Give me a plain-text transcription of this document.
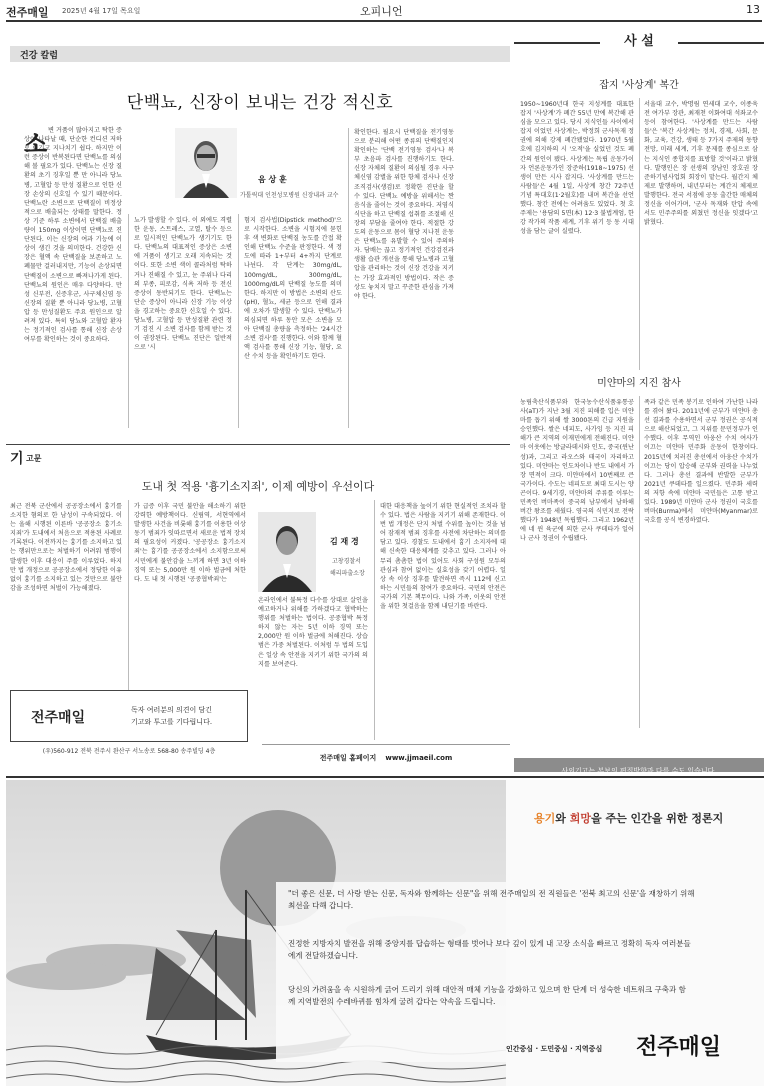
전주매일 2025년 4월 17일 목요일	오피니언	13
건강 칼럼
단백뇨, 신장이 보내는 건강 적신호
음 상 훈
가톨릭대 인천성모병원 신장내과 교수
소 변 거품이 많아지고 탁한 증상이 나타날 때, 단순한 컨디션 저하로 여기고 지나치기 쉽다. 하지만 이런 증상이 반복된다면 단백뇨를 의심해 볼 필요가 있다. 단백뇨는 신장 질환의 초기 징후일 뿐 만 아니라 당뇨병, 고혈압 등 만성 질환으로 인한 신장 손상의 신호일 수 있기 때문이다. 단백뇨란 소변으로 단백질이 비정상적으로 배출되는 상태를 말한다. 정상 기준 하루 소변에서 단백질 배출량이 150mg 이상이면 단백뇨로 진단된다. 이는 신장의 여과 기능에 이상이 생긴 것을 의미한다. 건강한 신장은 혈액 속 단백질을 보존하고 노폐물만 걸러내지만, 기능이 손상되면 단백질이 소변으로 빠져나가게 된다. 단백뇨의 원인은 매우 다양하다. 만성 신부전, 신증후군, 사구체신염 등 신장의 질환 뿐 아니라 당뇨병, 고혈압 등 만성질환도 주요 원인으로 알려져 있다. 특히 당뇨와 고혈압 환자는 정기적인 검사를 통해 신장 손상 여부를 확인하는 것이 중요하다.
뇨가 발생할 수 있다. 이 외에도 격렬한 운동, 스트레스, 고열, 탈수 등으로 일시적인 단백뇨가 생기기도 한다. 단백뇨의 대표적인 증상은 소변에 거품이 생기고 오래 지속되는 것이다. 또한 소변 색이 콜라처럼 탁하거나 진해질 수 있고, 눈 주위나 다리의 부종, 피로감, 식욕 저하 등 전신 증상이 동반되기도 한다. 단백뇨는 단순 증상이 아니라 신장 기능 이상을 경고하는 중요한 신호일 수 있다. 당뇨병, 고혈압 등 만성질환 관련 정기 검진 시 소변 검사를 함께 받는 것이 권장된다. 단백뇨 진단은 일반적으로 '시
험지 검사법(Dipstick method)'으로 시작한다. 소변을 시험지에 묻힌 후 색 변화로 단백질 농도를 간접 확인해 단백뇨 수준을 판정한다. 색 정도에 따라 1+부터 4+까지 단계로 나뉜다. 각 단계는 30mg/dL, 100mg/dL, 300mg/dL, 1000mg/dL의 단백질 농도를 의미한다. 하지만 이 방법은 소변의 산도(pH), 혈뇨, 세균 등으로 인해 결과에 오차가 발생할 수 있다. 단백뇨가 의심되면 하루 동안 모은 소변을 모아 단백질 총량을 측정하는 '24시간 소변 검사'를 진행한다. 이와 함께 혈액 검사를 통해 신장 기능, 혈당, 요산 수치 등을 확인하기도 한다.
확인한다. 필요시 단백질을 전기영동으로 분리해 어떤 종류의 단백질인지 확인하는 '단백 전기영동 검사'나 복부 초음파 검사를 진행하기도 한다. 신장 자체의 질환이 의심될 경우 사구체신염 감별을 위한 항체 검사나 신장 조직검사(생검)로 정확한 진단을 할 수 있다. 단백뇨 예방을 위해서는 짠 음식을 줄이는 것이 중요하다. 저염식 식단을 하고 단백질 섭취를 조절해 신장의 부담을 줄여야 한다. 적절한 강도의 운동으로 몸이 혈당 지나친 운동은 단백뇨를 유발할 수 있어 주의하자. 담배는 끊고 정기적인 건강검진과 생활 습관 개선을 통해 당뇨병과 고혈압을 관리하는 것이 신장 건강을 지키는 가장 효과적인 방법이다. 작은 증상도 놓치지 말고 꾸준한 관심을 가져야 한다.
사 설
잡지 '사상계' 복간
1950~1960년대 한국 지성계를 대표한 잡지 '사상계'가 폐간 55년 만에 복간해 관심을 모으고 있다. 당시 지식인들 사이에서 잡지 이었던 사상계는, 박정희 군사독재 정권에 의해 강제 폐간됐었다. 1970년 5월호에 김지하의 시 '오적'을 실었던 것도 폐간의 원인이 됐다. 사상계는 독립 운동가이자 언론운동가인 장준하(1918~1975) 선생이 만든 시사 잡지다. '사상계를 만드는 사람들'은 4월 1일, 사상계 창간 72주년 기념 특대호(1·2월호)를 내며 복간을 선언했다. 창간 전에는 어려움도 있었다. 첫 호 주제는 '용담의 5면(本) 12·3 불법계엄, 한강 작가의 작품 세계, 기후 위기 등 동 시대성을 담는 글이 실렸다.
서울대 교수, 박명림 연세대 교수, 이종욱 전 여가부 장관, 최재천 이화여대 석좌교수 등이 참여한다. '사상계를 만드는 사람들'은 '복간 사상계는 정치, 경제, 사회, 문화, 교육, 건강, 생태 등 7가지 주제의 동향 전망, 미래 세계, 기후 문제를 종심으로 삼는 지식인 종합지를 표방할 것'이라고 밝혔다. 발행인은 장 선생의 장남인 장호권 장준하기념사업회 회장이 맡는다. 월간지 체제로 발행하며, 내년부터는 계간지 체제로 발행한다. 전국 서점에 공동 출간한 매체의 정신을 이어가며, '군사 독재와 탄압 속에서도 민주주의를 외쳤던 정신을 잇겠다'고 밝혔다.
미얀마의 지진 참사
농림축산식품부와 한국농수산식품유통공사(aT)가 지난 3월 지진 피해를 입은 미얀마를 돕기 위해 쌀 3000톤의 긴급 지원을 승인했다. 쌀은 네피도, 사가잉 등 지진 피해가 큰 지역의 이재민에게 전해진다. 미얀마 이웃에는 방글라데시와 인도, 중국(윈난성)과, 그리고 라오스와 태국이 자리하고 있다. 미얀마는 인도차이나 반도 내에서 가장 면적이 크다. 미얀마에서 10번째로 큰 국가이다. 수도는 네피도로 최대 도시는 양곤이다. 9세기경, 미얀마의 주류를 이루는 민족인 버마족이 중국의 남부에서 남하해 버간 왕조를 세웠다. 영국의 식민지로 전락했다가 1948년 독립했다. 그리고 1962년에 네 윈 육군에 의한 군사 쿠데타가 일어나 군사 정권이 수립됐다.
족과 같은 민족 봉기로 인하여 가난한 나라를 겪어 왔다. 2011년에 군부가 미얀마 총선 결과를 수용하면서 군부 정권은 공식적으로 해산되었고, 그 지위를 문민정부가 인수했다. 이후 무역인 아웅산 수치 여사가 이끄는 미얀마 민주화 운동이 한창이다. 2015년에 치러진 총선에서 아웅산 수치가 이끄는 당이 압승해 군부와 권력을 나누었다. 그러나 총선 결과에 반발한 군부가 2021년 쿠데타를 일으켰다. 민주화 세력의 저항 속에 미얀마 국민들은 고통 받고 있다. 1989년 미얀마 군사 정권이 국호를 버마(Burma)에서 미얀마(Myanmar)로 국호를 공식 변경하였다.
사외기고는 본보의 편집방향과 다를 수도 있습니다.
기 고문
도내 첫 적용 '흉기소지죄', 이제 예방이 우선이다
최근 전북 군산에서 공공장소에서 흉기를 소지한 혐의로 한 남성이 구속되었다. 이는 올해 시행된 이른바 '공공장소 흉기소지죄'가 도내에서 처음으로 적용된 사례로 기록된다. 이전까지는 흉기를 소지하고 있는 행위만으로는 처벌하기 어려워 범행이 발생한 이후 대응이 주를 이루었다. 하지만 법 개정으로 공공장소에서 정당한 이유 없이 흉기를 소지하고 있는 것만으로 불안감을 조성하면 처벌이 가능해졌다.
가 급증 이후 국민 불안을 해소하기 위한 강력한 예방책이다. 신림역, 서현역에서 발생한 사건을 비롯해 흉기를 이용한 이상동기 범죄가 잇따르면서 새로운 법적 장치의 필요성이 커졌다. '공공장소 흉기소지죄'는 흉기를 공공장소에서 소지함으로써 시민에게 불안감을 느끼게 하면 3년 이하 징역 또는 5,000만 원 이하 벌금에 처한다. 도 내 첫 시행된 '공중협박죄'는
김 재 경
고창경찰서
해리파출소장
온라인에서 불특정 다수를 상대로 살인을 예고하거나 위해를 가하겠다고 협박하는 행위를 처벌하는 법이다. 공중협박 특정하지 않는 자는 5년 이하 징역 또는 2,000만 원 이하 벌금에 처해진다. 상습범은 가중 처벌된다. 이처럼 두 법의 도입은 일상 속 안전을 지키기 위한 국가의 의지를 보여준다.
대한 대응책을 높이기 위한 현실적인 조치라 할 수 있다. 법은 사람을 지키기 위해 존재한다. 이번 법 개정은 단지 처벌 수위를 높이는 것을 넘어 잠재적 범죄 징후를 사전에 차단하는 의미를 담고 있다. 경찰도 도내에서 흉기 소지자에 대해 신속한 대응체계를 갖추고 있다. 그러나 아무리 촘촘한 법이 있어도 사회 구성원 모두의 관심과 참여 없이는 실효성을 갖기 어렵다. 일상 속 이상 징후를 발견하면 즉시 112에 신고하는 시민들의 참여가 중요하다. 국민의 안전은 국가의 기본 책무이다. 나와 가족, 이웃의 안전을 위한 첫걸음을 함께 내딛기를 바란다.
전주매일	독자 여러분의 의견이 담긴
기고와 투고를 기다립니다.
(우)560-912 전북 전주시 완산구 서노송로 568-80 송주빌딩 4층
전주매일 홈페이지 www.jjmaeil.com
용기와 희망을 주는 인간을 위한 정론지
"더 좋은 신문, 더 사랑 받는 신문, 독자와 함께하는 신문"을 위해 전주매일의 전 직원들은 '전북 최고의 신문'을 재창하기 위해 최선을 다해 갑니다.
진정한 지방자치 발전을 위해 중앙지를 답습하는 형태를 벗어나 보다 깊이 있게 내 고장 소식을 빠르고 정확히 독자 여러분들에게 전달하겠습니다.
당신의 가려움을 속 시원하게 긁어 드리기 위해 대안적 매체 기능을 강화하고 있으며 한 단계 더 성숙한 네트워크 구축과 함께 지역발전의 수레바퀴를 힘차게 굴려 갑다는 약속을 드립니다.
인간중심 · 도민중심 · 지역중심 전주매일
